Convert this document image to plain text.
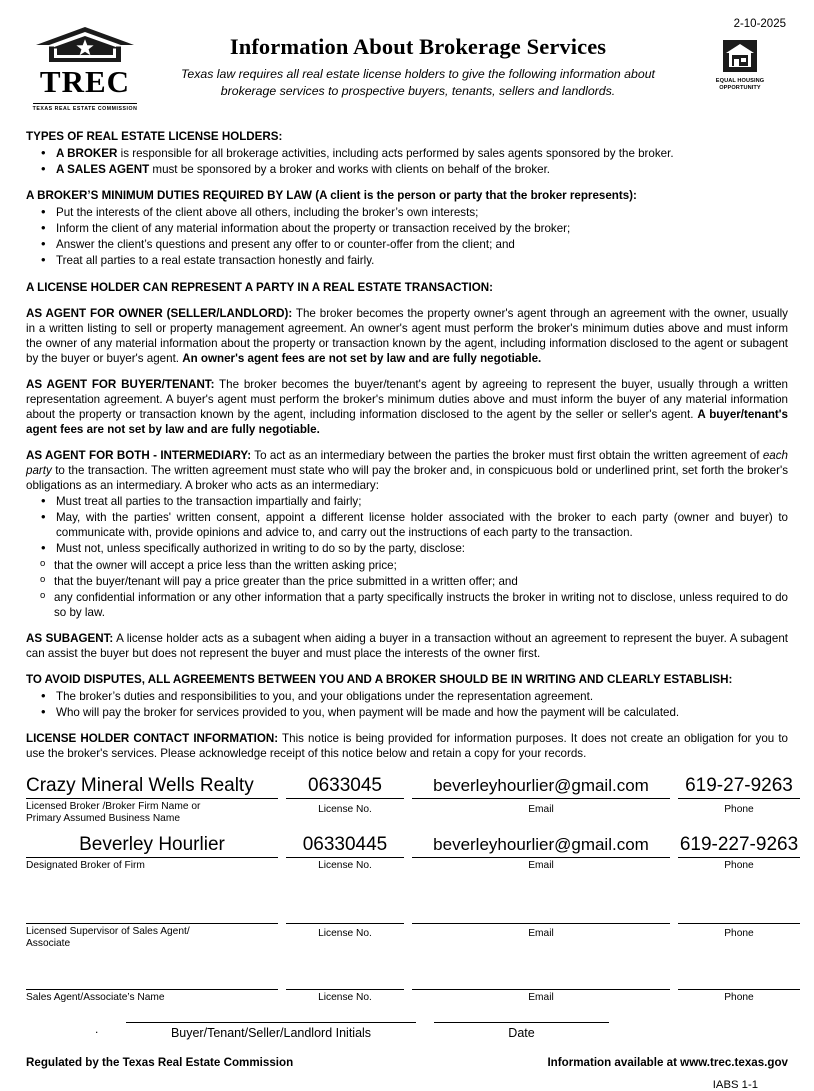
TREC
TEXAS REAL ESTATE COMMISSION
Information About Brokerage Services
Texas law requires all real estate license holders to give the following information about
brokerage services to prospective buyers, tenants, sellers and landlords.
2-10-2025
EQUAL HOUSING
OPPORTUNITY
TYPES OF REAL ESTATE LICENSE HOLDERS:
• A BROKER is responsible for all brokerage activities, including acts performed by sales agents sponsored by the broker.
• A SALES AGENT must be sponsored by a broker and works with clients on behalf of the broker.
A BROKER’S MINIMUM DUTIES REQUIRED BY LAW (A client is the person or party that the broker represents):
• Put the interests of the client above all others, including the broker’s own interests;
• Inform the client of any material information about the property or transaction received by the broker;
• Answer the client’s questions and present any offer to or counter-offer from the client; and
• Treat all parties to a real estate transaction honestly and fairly.
A LICENSE HOLDER CAN REPRESENT A PARTY IN A REAL ESTATE TRANSACTION:
AS AGENT FOR OWNER (SELLER/LANDLORD): The broker becomes the property owner's agent through an agreement with the owner, usually in a written listing to sell or property management agreement. An owner's agent must perform the broker's minimum duties above and must inform the owner of any material information about the property or transaction known by the agent, including information disclosed to the agent or subagent by the buyer or buyer's agent. An owner's agent fees are not set by law and are fully negotiable.
AS AGENT FOR BUYER/TENANT: The broker becomes the buyer/tenant's agent by agreeing to represent the buyer, usually through a written representation agreement. A buyer's agent must perform the broker's minimum duties above and must inform the buyer of any material information about the property or transaction known by the agent, including information disclosed to the agent by the seller or seller's agent. A buyer/tenant's agent fees are not set by law and are fully negotiable.
AS AGENT FOR BOTH - INTERMEDIARY: To act as an intermediary between the parties the broker must first obtain the written agreement of each party to the transaction. The written agreement must state who will pay the broker and, in conspicuous bold or underlined print, set forth the broker's obligations as an intermediary. A broker who acts as an intermediary:
• Must treat all parties to the transaction impartially and fairly;
• May, with the parties' written consent, appoint a different license holder associated with the broker to each party (owner and buyer) to communicate with, provide opinions and advice to, and carry out the instructions of each party to the transaction.
• Must not, unless specifically authorized in writing to do so by the party, disclose:
o that the owner will accept a price less than the written asking price;
o that the buyer/tenant will pay a price greater than the price submitted in a written offer; and
o any confidential information or any other information that a party specifically instructs the broker in writing not to disclose, unless required to do so by law.
AS SUBAGENT: A license holder acts as a subagent when aiding a buyer in a transaction without an agreement to represent the buyer. A subagent can assist the buyer but does not represent the buyer and must place the interests of the owner first.
TO AVOID DISPUTES, ALL AGREEMENTS BETWEEN YOU AND A BROKER SHOULD BE IN WRITING AND CLEARLY ESTABLISH:
• The broker’s duties and responsibilities to you, and your obligations under the representation agreement.
• Who will pay the broker for services provided to you, when payment will be made and how the payment will be calculated.
LICENSE HOLDER CONTACT INFORMATION: This notice is being provided for information purposes. It does not create an obligation for you to use the broker's services. Please acknowledge receipt of this notice below and retain a copy for your records.
Crazy Mineral Wells Realty	0633045	beverleyhourlier@gmail.com	619-27-9263
Licensed Broker /Broker Firm Name or
Primary Assumed Business Name
License No.	Email	Phone
Beverley Hourlier	06330445	beverleyhourlier@gmail.com	619-227-9263
Designated Broker of Firm	License No.	Email	Phone
Licensed Supervisor of Sales Agent/
Associate
License No.	Email	Phone
Sales Agent/Associate’s Name	License No.	Email	Phone
.	Buyer/Tenant/Seller/Landlord Initials	Date
Regulated by the Texas Real Estate Commission	Information available at www.trec.texas.gov
IABS 1-1
